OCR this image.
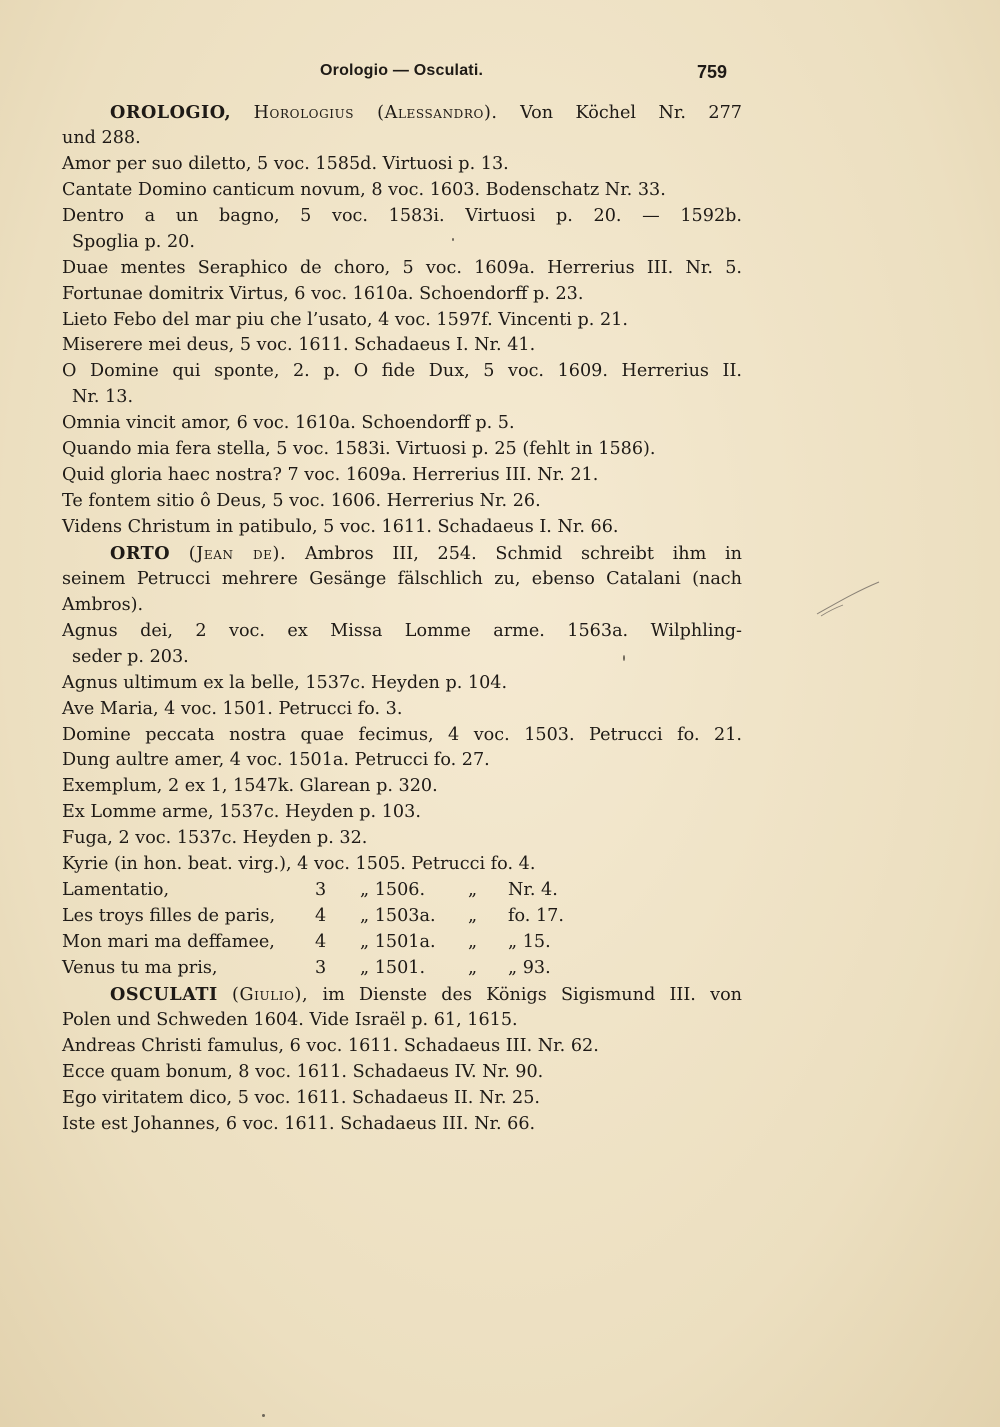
Orologio — Osculati.	759
OROLOGIO, Horologius (Alessandro). Von Köchel Nr. 277
und 288.
Amor per suo diletto, 5 voc. 1585d. Virtuosi p. 13.
Cantate Domino canticum novum, 8 voc. 1603. Bodenschatz Nr. 33.
Dentro a un bagno, 5 voc. 1583i. Virtuosi p. 20. — 1592b.
Spoglia p. 20.
Duae mentes Seraphico de choro, 5 voc. 1609a. Herrerius III. Nr. 5.
Fortunae domitrix Virtus, 6 voc. 1610a. Schoendorff p. 23.
Lieto Febo del mar piu che l’usato, 4 voc. 1597f. Vincenti p. 21.
Miserere mei deus, 5 voc. 1611. Schadaeus I. Nr. 41.
O Domine qui sponte, 2. p. O fide Dux, 5 voc. 1609. Herrerius II.
Nr. 13.
Omnia vincit amor, 6 voc. 1610a. Schoendorff p. 5.
Quando mia fera stella, 5 voc. 1583i. Virtuosi p. 25 (fehlt in 1586).
Quid gloria haec nostra? 7 voc. 1609a. Herrerius III. Nr. 21.
Te fontem sitio ô Deus, 5 voc. 1606. Herrerius Nr. 26.
Videns Christum in patibulo, 5 voc. 1611. Schadaeus I. Nr. 66.
ORTO (Jean de). Ambros III, 254. Schmid schreibt ihm in
seinem Petrucci mehrere Gesänge fälschlich zu, ebenso Catalani (nach
Ambros).
Agnus dei, 2 voc. ex Missa Lomme arme. 1563a. Wilphling-
seder p. 203.
Agnus ultimum ex la belle, 1537c. Heyden p. 104.
Ave Maria, 4 voc. 1501. Petrucci fo. 3.
Domine peccata nostra quae fecimus, 4 voc. 1503. Petrucci fo. 21.
Dung aultre amer, 4 voc. 1501a. Petrucci fo. 27.
Exemplum, 2 ex 1, 1547k. Glarean p. 320.
Ex Lomme arme, 1537c. Heyden p. 103.
Fuga, 2 voc. 1537c. Heyden p. 32.
Kyrie (in hon. beat. virg.), 4 voc. 1505. Petrucci fo. 4.
Lamentatio,	3 „ 1506. „ Nr. 4.
Les troys filles de paris, 4 „ 1503a. „ fo. 17.
Mon mari ma deffamee, 4 „ 1501a. „ „ 15.
Venus tu ma pris,	3 „ 1501. „ „ 93.
OSCULATI (Giulio), im Dienste des Königs Sigismund III. von
Polen und Schweden 1604. Vide Israël p. 61, 1615.
Andreas Christi famulus, 6 voc. 1611. Schadaeus III. Nr. 62.
Ecce quam bonum, 8 voc. 1611. Schadaeus IV. Nr. 90.
Ego viritatem dico, 5 voc. 1611. Schadaeus II. Nr. 25.
Iste est Johannes, 6 voc. 1611. Schadaeus III. Nr. 66.
